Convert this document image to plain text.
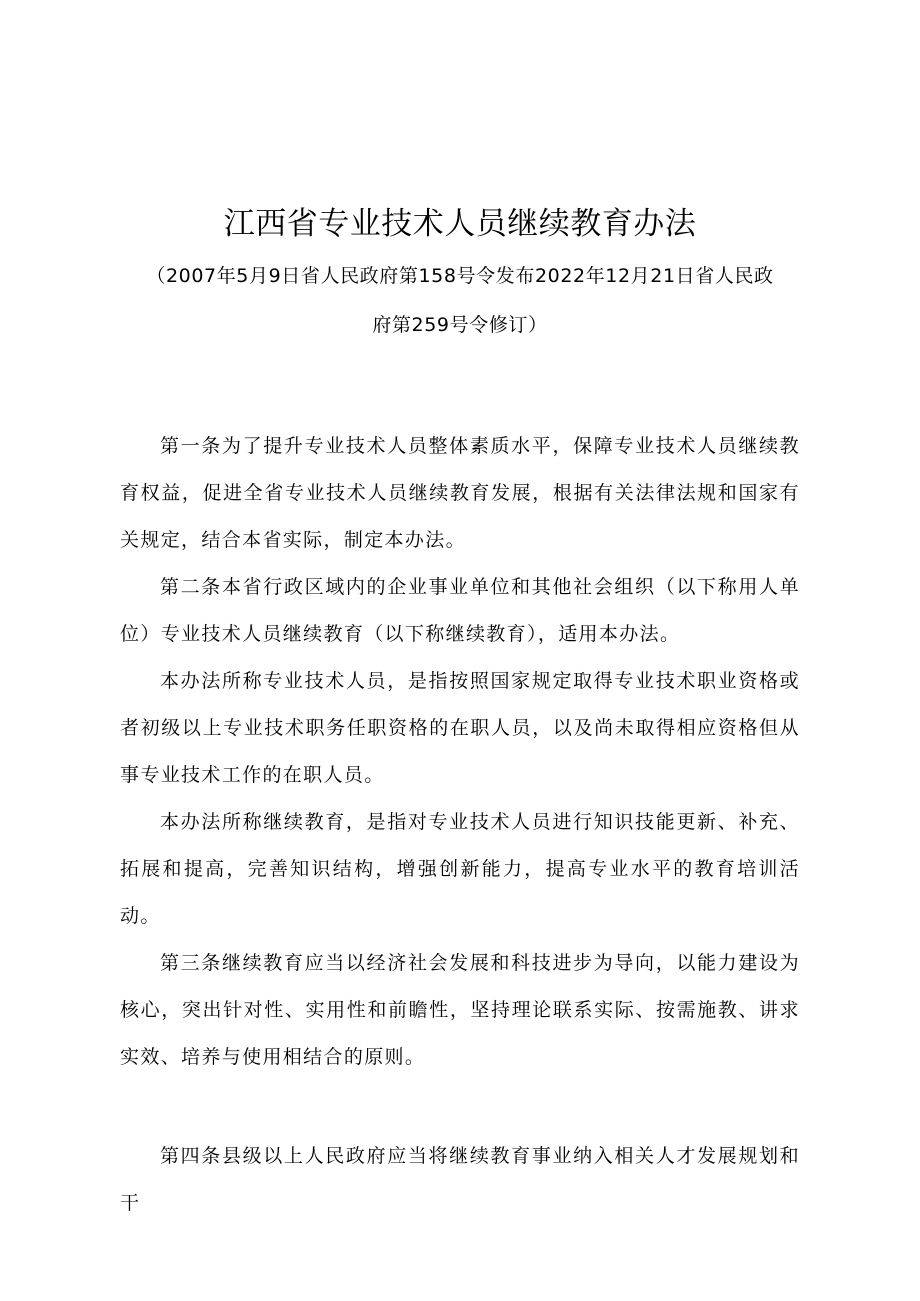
江西省专业技术人员继续教育办法

（2007年5月9日省人民政府第158号令发布2022年12月21日省人民政

府第259号令修订）

第一条为了提升专业技术人员整体素质水平，保障专业技术人员继续教育权益，促进全省专业技术人员继续教育发展，根据有关法律法规和国家有关规定，结合本省实际，制定本办法。

第二条本省行政区域内的企业事业单位和其他社会组织（以下称用人单位）专业技术人员继续教育（以下称继续教育），适用本办法。

本办法所称专业技术人员，是指按照国家规定取得专业技术职业资格或者初级以上专业技术职务任职资格的在职人员，以及尚未取得相应资格但从事专业技术工作的在职人员。

本办法所称继续教育，是指对专业技术人员进行知识技能更新、补充、拓展和提高，完善知识结构，增强创新能力，提高专业水平的教育培训活动。

第三条继续教育应当以经济社会发展和科技进步为导向，以能力建设为核心，突出针对性、实用性和前瞻性，坚持理论联系实际、按需施教、讲求实效、培养与使用相结合的原则。

第四条县级以上人民政府应当将继续教育事业纳入相关人才发展规划和干
